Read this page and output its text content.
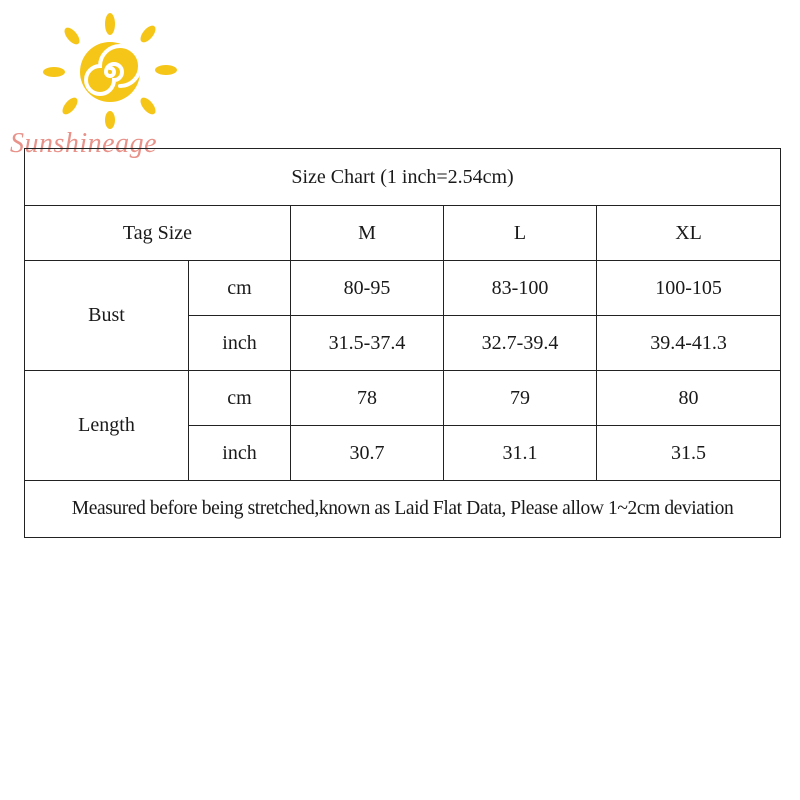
Sunshineage
Size Chart (1 inch=2.54cm)				
Tag Size		M	L	XL
Bust	cm	80-95	83-100	100-105
	inch	31.5-37.4	32.7-39.4	39.4-41.3
Length	cm	78	79	80
	inch	30.7	31.1	31.5
Measured before being stretched,known as Laid Flat Data, Please allow 1~2cm deviation				
